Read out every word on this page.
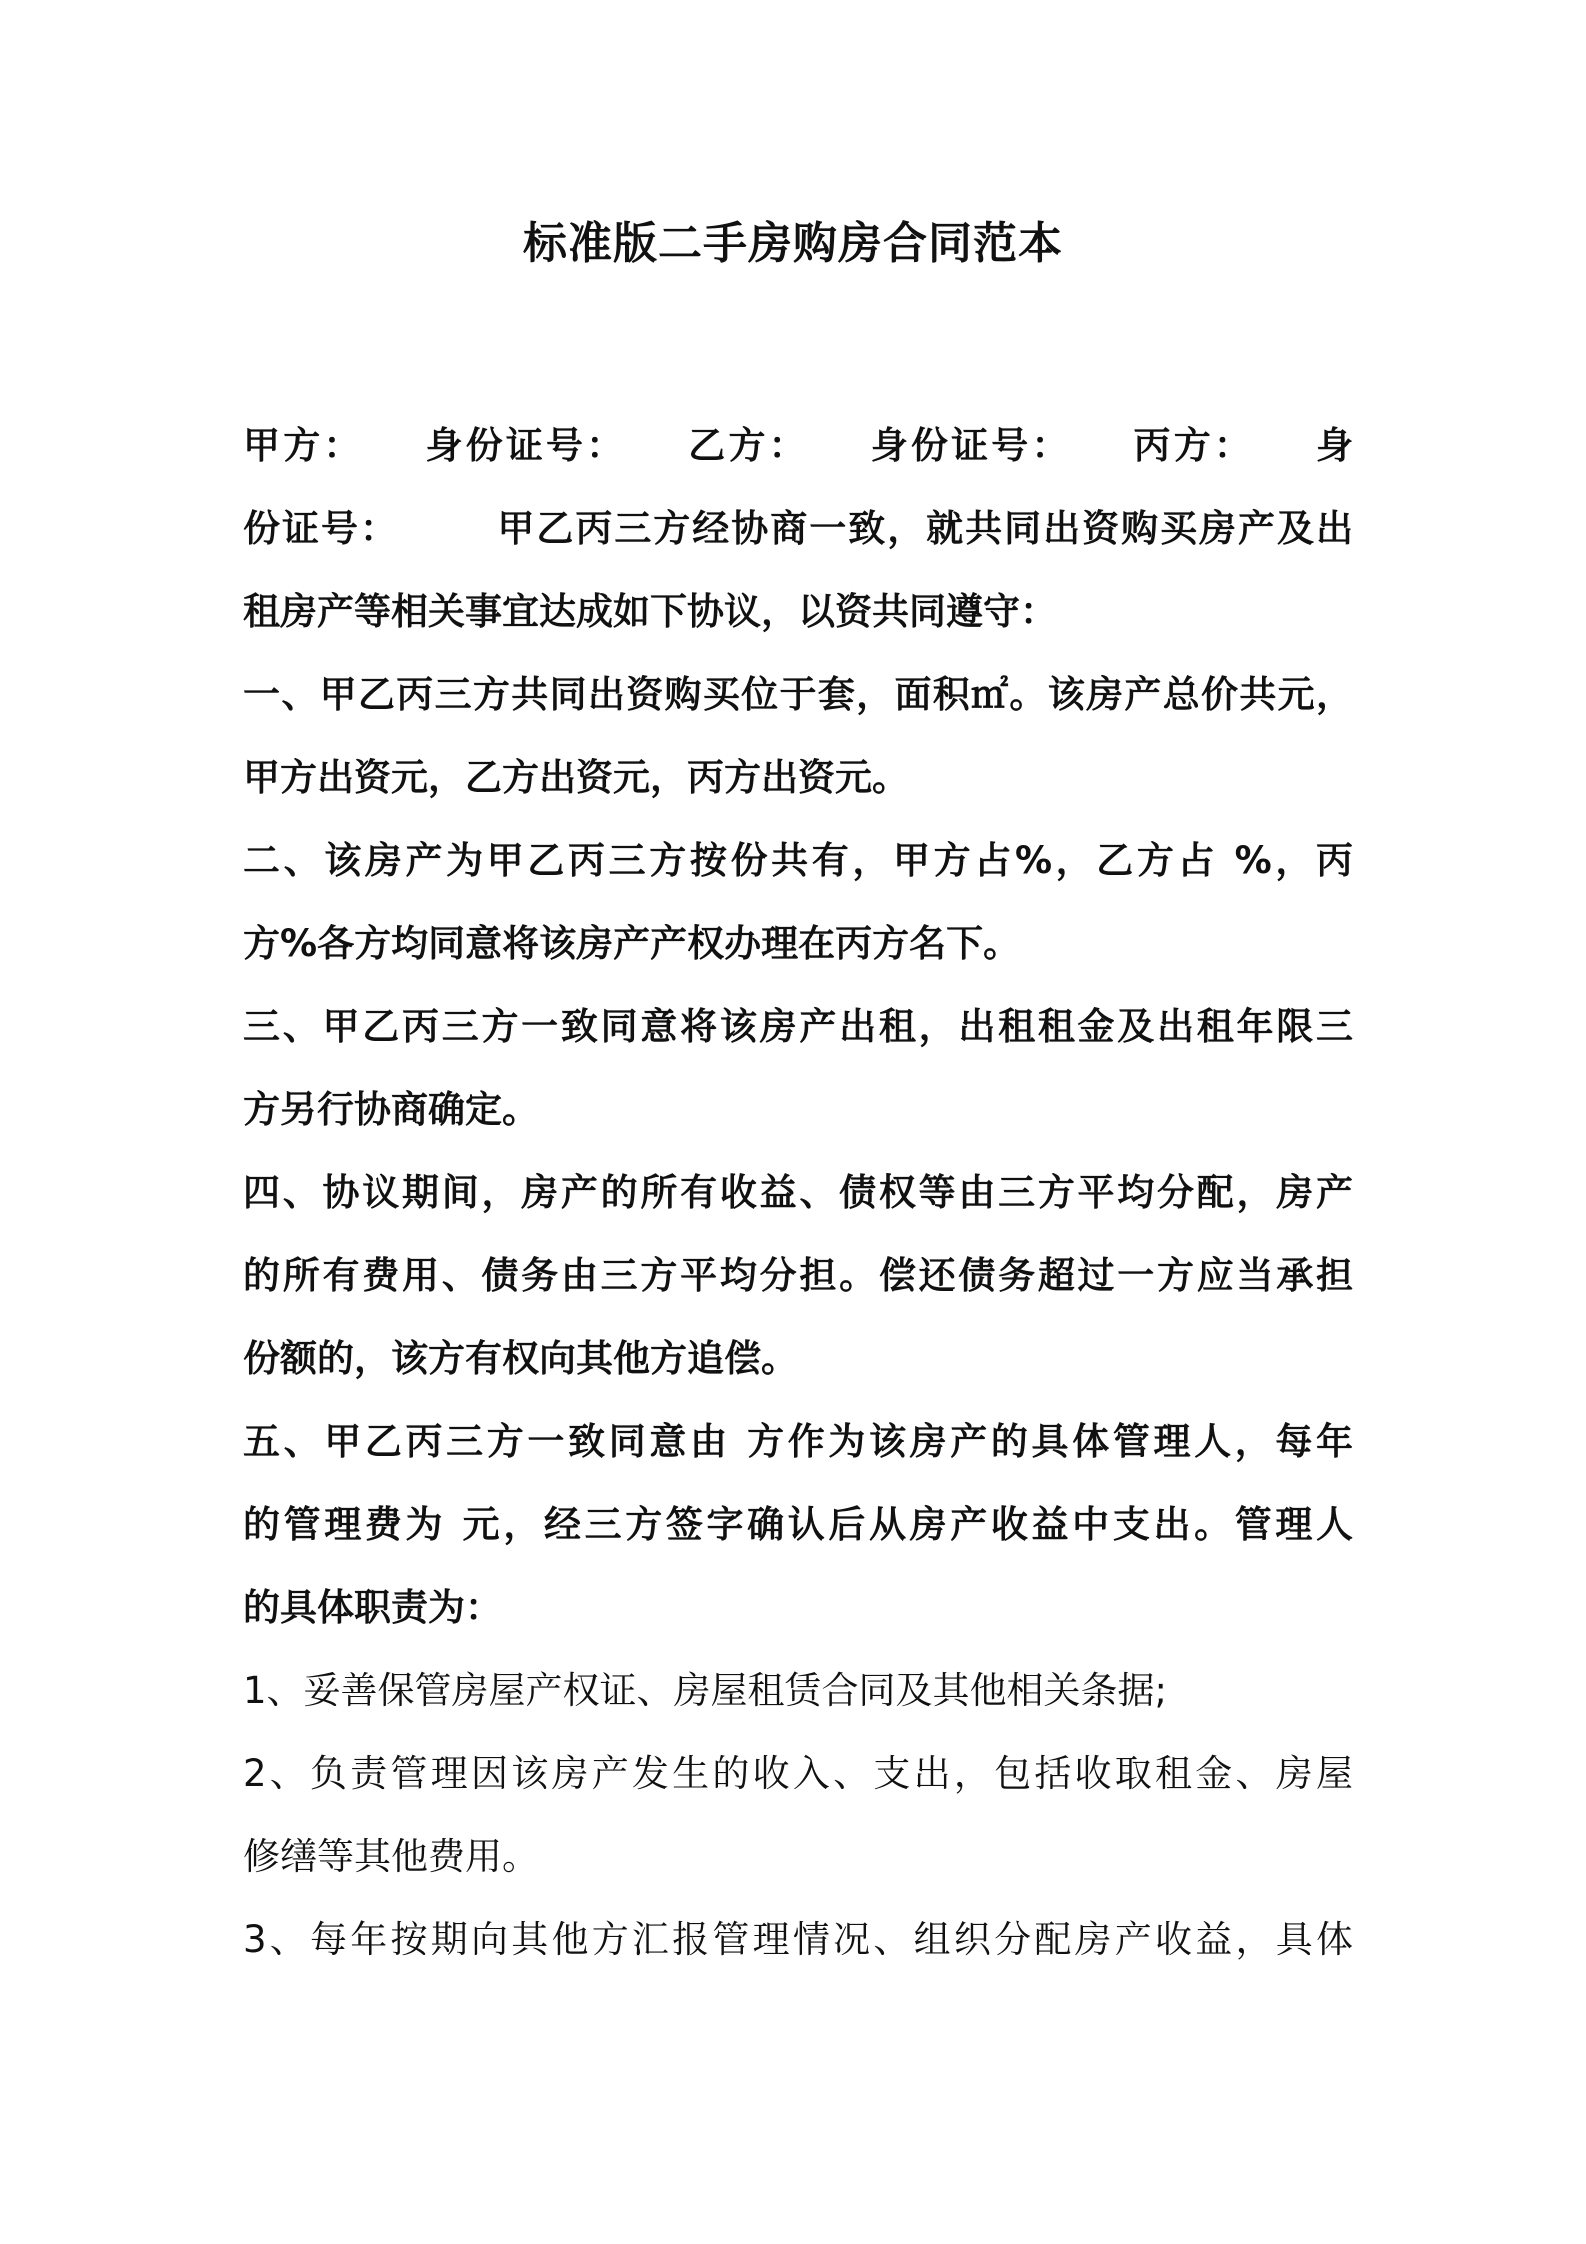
标准版二手房购房合同范本
甲方：　　身份证号：　　乙方：　　身份证号：　　丙方：　　身
份证号：　　　甲乙丙三方经协商一致，就共同出资购买房产及出
租房产等相关事宜达成如下协议，以资共同遵守：
一、甲乙丙三方共同出资购买位于套，面积㎡。该房产总价共元，
甲方出资元，乙方出资元，丙方出资元。
二、该房产为甲乙丙三方按份共有，甲方占%，乙方占 %，丙
方%各方均同意将该房产产权办理在丙方名下。
三、甲乙丙三方一致同意将该房产出租，出租租金及出租年限三
方另行协商确定。
四、协议期间，房产的所有收益、债权等由三方平均分配，房产
的所有费用、债务由三方平均分担。偿还债务超过一方应当承担
份额的，该方有权向其他方追偿。
五、甲乙丙三方一致同意由 方作为该房产的具体管理人，每年
的管理费为 元，经三方签字确认后从房产收益中支出。管理人
的具体职责为：
1、妥善保管房屋产权证、房屋租赁合同及其他相关条据;
2、负责管理因该房产发生的收入、支出，包括收取租金、房屋
修缮等其他费用。
3、每年按期向其他方汇报管理情况、组织分配房产收益，具体
